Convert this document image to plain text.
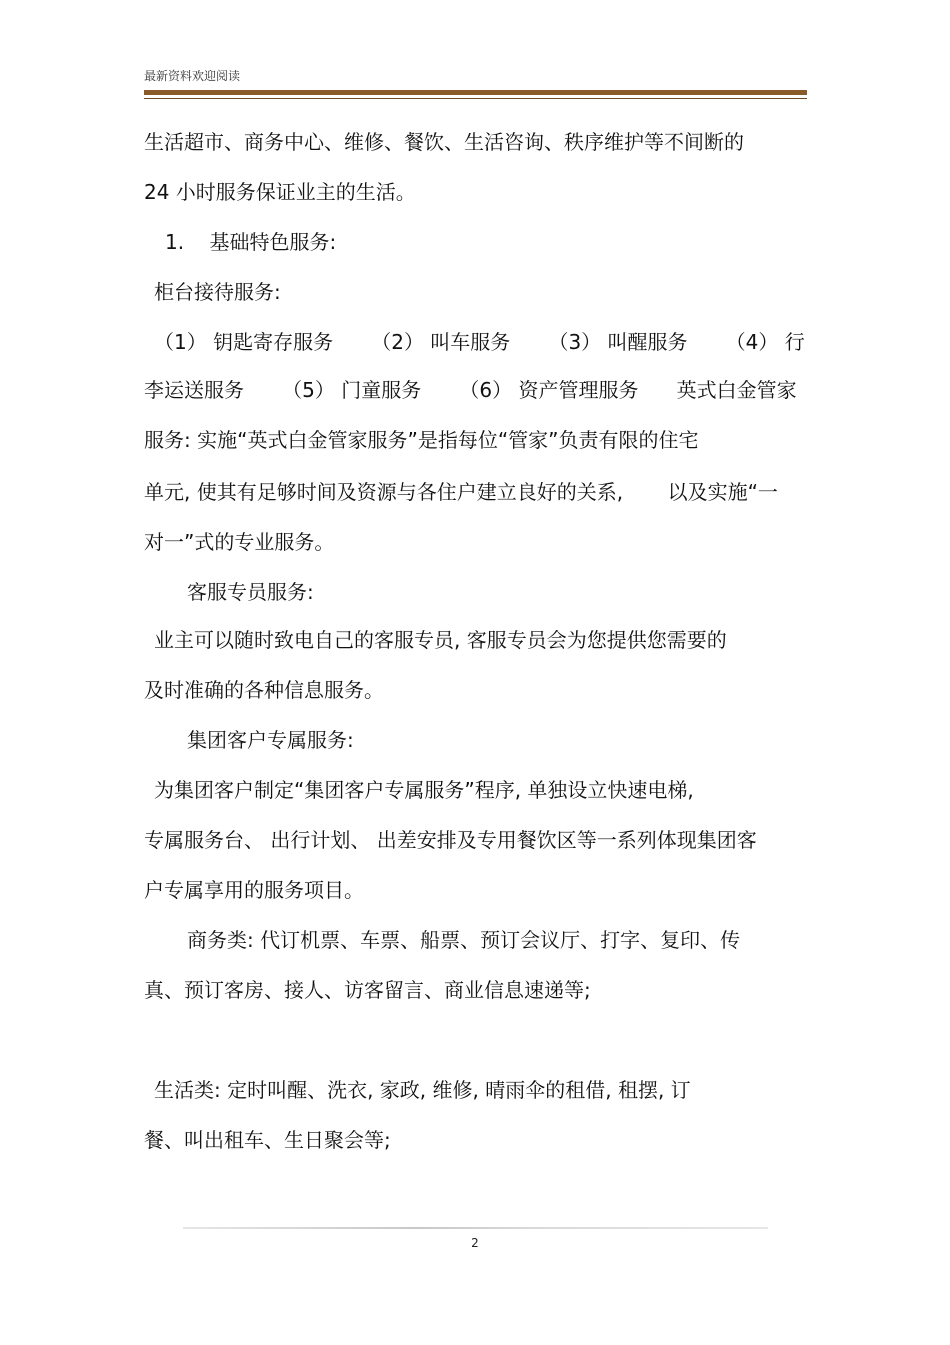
最新资料欢迎阅读
生活超市、商务中心、维修、餐饮、生活咨询、秩序维护等不间断的
24 小时服务保证业主的生活。
1.    基础特色服务:
柜台接待服务:
（1） 钥匙寄存服务      （2） 叫车服务      （3） 叫醒服务      （4） 行
李运送服务      （5） 门童服务      （6） 资产管理服务      英式白金管家
服务: 实施“英式白金管家服务”是指每位“管家”负责有限的住宅
单元, 使其有足够时间及资源与各住户建立良好的关系,       以及实施“一
对一”式的专业服务。
客服专员服务:
业主可以随时致电自己的客服专员, 客服专员会为您提供您需要的
及时准确的各种信息服务。
集团客户专属服务:
为集团客户制定“集团客户专属服务”程序, 单独设立快速电梯,
专属服务台、 出行计划、 出差安排及专用餐饮区等一系列体现集团客
户专属享用的服务项目。
商务类: 代订机票、车票、船票、预订会议厅、打字、复印、传
真、预订客房、接人、访客留言、商业信息速递等;
生活类: 定时叫醒、洗衣, 家政, 维修, 晴雨伞的租借, 租摆, 订
餐、叫出租车、生日聚会等;
2
